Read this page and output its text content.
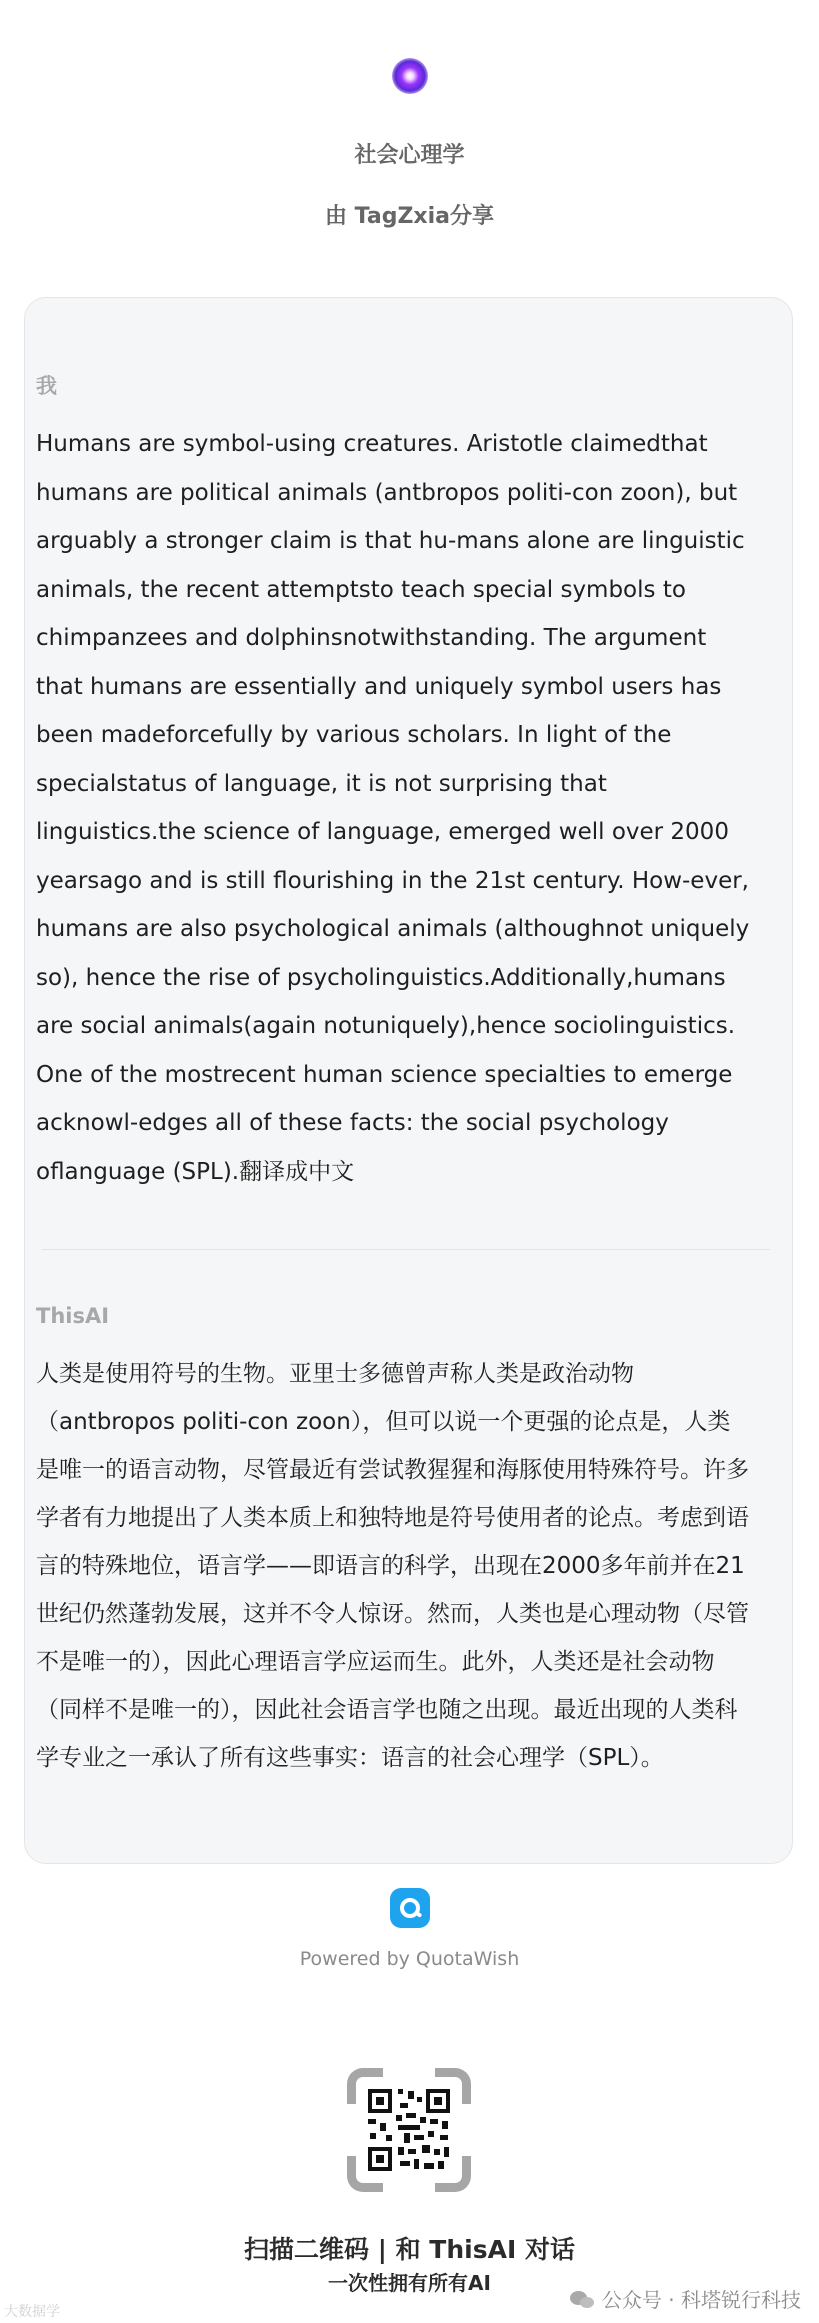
社会心理学
由 TagZxia分享
我
Humans are symbol-using creatures. Aristotle claimedthat humans are political animals (antbropos politi-con zoon), but arguably a stronger claim is that hu-mans alone are linguistic animals, the recent attemptsto teach special symbols to chimpanzees and dolphinsnotwithstanding. The argument that humans are essentially and uniquely symbol users has been madeforcefully by various scholars. In light of the specialstatus of language, it is not surprising that linguistics.the science of language, emerged well over 2000 yearsago and is still flourishing in the 21st century. How-ever, humans are also psychological animals (althoughnot uniquely so), hence the rise of psycholinguistics.Additionally,humans are social animals(again notuniquely),hence sociolinguistics. One of the mostrecent human science specialties to emerge acknowl-edges all of these facts: the social psychology oflanguage (SPL).翻译成中文
ThisAI
人类是使用符号的生物。亚里士多德曾声称人类是政治动物（antbropos politi-con zoon），但可以说一个更强的论点是，人类是唯一的语言动物，尽管最近有尝试教猩猩和海豚使用特殊符号。许多学者有力地提出了人类本质上和独特地是符号使用者的论点。考虑到语言的特殊地位，语言学——即语言的科学，出现在2000多年前并在21世纪仍然蓬勃发展，这并不令人惊讶。然而，人类也是心理动物（尽管不是唯一的），因此心理语言学应运而生。此外，人类还是社会动物（同样不是唯一的），因此社会语言学也随之出现。最近出现的人类科学专业之一承认了所有这些事实：语言的社会心理学（SPL）。
Powered by QuotaWish
扫描二维码 | 和 ThisAI 对话
一次性拥有所有AI
公众号 · 科塔锐行科技
大数据学
